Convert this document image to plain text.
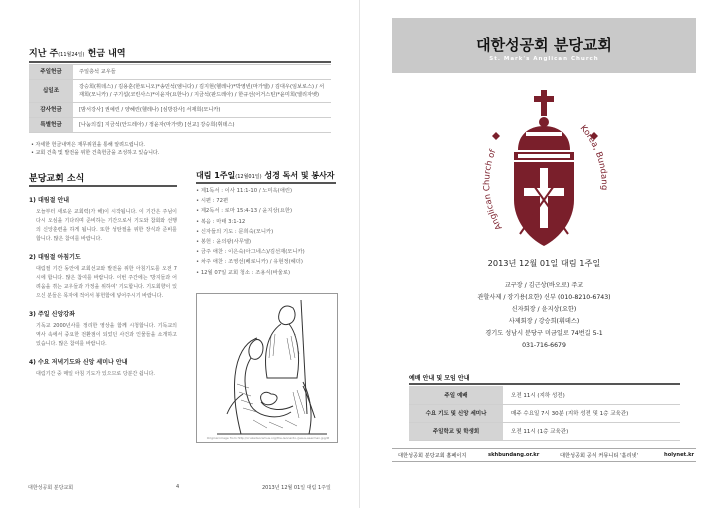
지난 주(11월24일) 헌금 내역
주일헌금	주일층석 교우들
십일조	강승희(휘데스) / 김용훈(한토니오)*송민석(엠니다) / 김지현(헬레나)*박영빈(마가엘) / 김대우(임보로스) / 서재희(모니카) / 구기섭(코린사스)*이윤자(요한나) / 지금석(판드레아) / 한규선(어거스틴)*윤미희(엘리자벳)
감사헌금	[밤서강사] 권예린 / 양혜린(헬레나) [심방감사] 서재희(모니카)
특별헌금	[나눔의집] 지금석(안드레아) / 정윤자(마가렛) [선교] 강승희(휘데스)
• 자세한 헌금내역은 재무위원을 통해 알려드립니다.
• 교회 건축 및 발전을 위한 건축헌금을 조성하고 있습니다.
분당교회 소식
1) 대림절 안내

오늘부터 새로운 교회력(가 해)이 시작됩니다. 이 기간은 주님이 다시 오심을 기다리며 준비하는 기간으로서 기도와 참회와 선행의 신앙훈련을 하게 됩니다. 또한 성탄절을 위한 장식과 준비를 합니다. 많은 참여를 바랍니다.

2) 대림절 아침기도

대림절 기간 동안에 교회선교와 발전을 위한 아침기도를 오전 7시에 합니다. 많은 참여를 바랍니다. 이번 주간에는 '방지들과 어려움을 겪는 교우들과 가정을 위하여' 기도합니다. 기도회향이 있으신 분들은 목자에 적어서 봉헌함에 넣어주시기 바랍니다.

3) 주일 신앙강좌

기독교 2000년사를 정리한 영상을 함께 시청합니다. 기독교의 역사 속에서 중요한 전환점이 되었던 사건과 인물들을 소개하고 있습니다. 많은 참여를 바랍니다.

4) 수요 저녁기도와 신앙 세미나 안내

대림기간 중 매일 아침 기도가 있으므로 당분간 쉽니다.

대림 1주일(12월01일) 성경 독서 및 봉사자
• 제1독서 : 이사 11:1-10 / 노미옥(애린)
• 시편 : 72편
• 제2독서 : 로마 15:4-13 / 윤지상(요한)
• 복음 : 마태 3:1-12
• 신자들의 기도 : 문희숙(모니카)
• 봉헌 : 윤의광(사무엘)
• 금주 애찬 : 이은숙(아그네스)/김선재(모니카)
• 차주 애찬 : 조영선(베로니카) / 유현정(헤더)
• 12월 07일 교회 청소 : 조용식(바울로)
Original image from http://cruzadaoramus.org/the-leonardo-/jesus-aserman.jpg/#
대한성공회 분당교회	4	2013년 12월 01일 대림 1주일
대한성공회 분당교회
St. Mark's Anglican Church
Anglican Church of
Korea, Bundang
2013년 12월 01일 대림 1주일
교구장 / 김근상(바오로) 주교
관할사제 / 장기용(요한) 신부 (010-8210-6743)
신자회장 / 윤지상(요한)
사제회장 / 강승희(휘데스)
경기도 성남시 분당구 미금일로 74번길 5-1
031-716-6679
예배 안내 및 모임 안내
주일 예배	오전 11시 (지하 성전)
수요 기도 및 신앙 세미나	매주 수요일 7시 30분 (지하 성전 및 1층 교육관)
주일학교 및 학생회	오전 11시 (1층 교육관)
대한성공회 분당교회 홈페이지	skhbundang.or.kr	대한성공회 공식 커뮤니티 '홀리넷'	holynet.kr
